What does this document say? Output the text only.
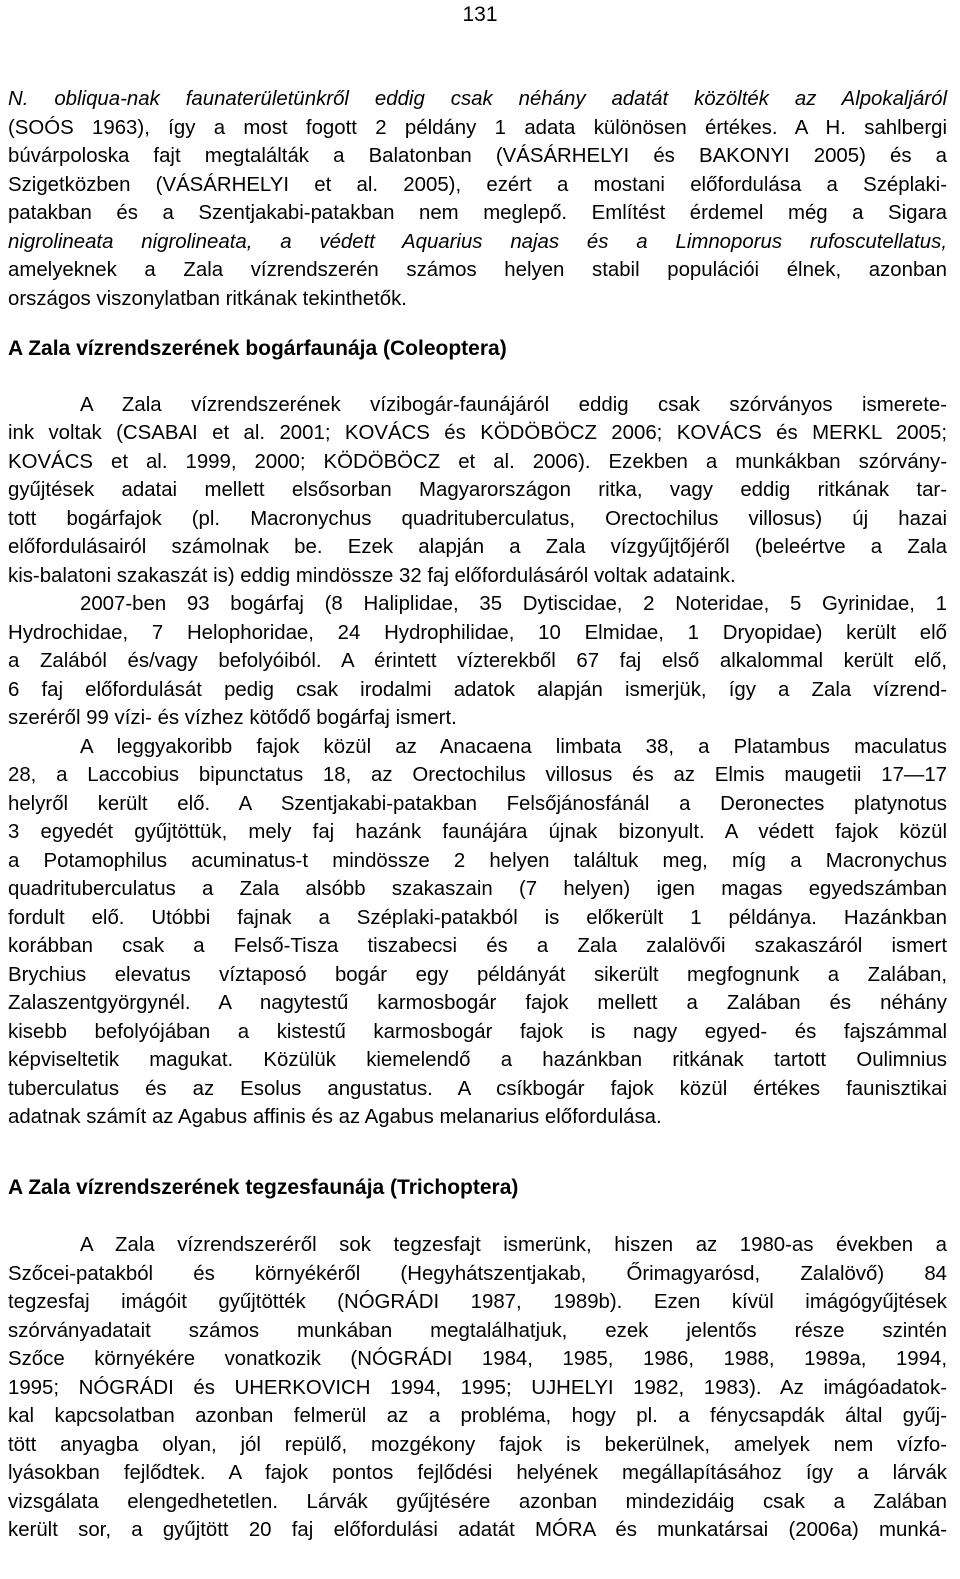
131

N. obliqua-nak faunaterületünkről eddig csak néhány adatát közölték az Alpokaljáról

(SOÓS 1963), így a most fogott 2 példány 1 adata különösen értékes. A H. sahlbergi

búvárpoloska fajt megtalálták a Balatonban (VÁSÁRHELYI és BAKONYI 2005) és a

Szigetközben (VÁSÁRHELYI et al. 2005), ezért a mostani előfordulása a Széplaki-

patakban és a Szentjakabi-patakban nem meglepő. Említést érdemel még a Sigara

nigrolineata nigrolineata, a védett Aquarius najas és a Limnoporus rufoscutellatus,

amelyeknek a Zala vízrendszerén számos helyen stabil populációi élnek, azonban

országos viszonylatban ritkának tekinthetők.

A Zala vízrendszerének bogárfaunája (Coleoptera)

A Zala vízrendszerének vízibogár-faunájáról eddig csak szórványos ismerete-

ink voltak (CSABAI et al. 2001; KOVÁCS és KÖDÖBÖCZ 2006; KOVÁCS és MERKL 2005;

KOVÁCS et al. 1999, 2000; KÖDÖBÖCZ et al. 2006). Ezekben a munkákban szórvány-

gyűjtések adatai mellett elsősorban Magyarországon ritka, vagy eddig ritkának tar-

tott bogárfajok (pl. Macronychus quadrituberculatus, Orectochilus villosus) új hazai

előfordulásairól számolnak be. Ezek alapján a Zala vízgyűjtőjéről (beleértve a Zala

kis-balatoni szakaszát is) eddig mindössze 32 faj előfordulásáról voltak adataink.

2007-ben 93 bogárfaj (8 Haliplidae, 35 Dytiscidae, 2 Noteridae, 5 Gyrinidae, 1

Hydrochidae, 7 Helophoridae, 24 Hydrophilidae, 10 Elmidae, 1 Dryopidae) került elő

a Zalából és/vagy befolyóiból. A érintett vízterekből 67 faj első alkalommal került elő,

6 faj előfordulását pedig csak irodalmi adatok alapján ismerjük, így a Zala vízrend-

szeréről 99 vízi- és vízhez kötődő bogárfaj ismert.

A leggyakoribb fajok közül az Anacaena limbata 38, a Platambus maculatus

28, a Laccobius bipunctatus 18, az Orectochilus villosus és az Elmis maugetii 17—17

helyről került elő. A Szentjakabi-patakban Felsőjánosfánál a Deronectes platynotus

3 egyedét gyűjtöttük, mely faj hazánk faunájára újnak bizonyult. A védett fajok közül

a Potamophilus acuminatus-t mindössze 2 helyen találtuk meg, míg a Macronychus

quadrituberculatus a Zala alsóbb szakaszain (7 helyen) igen magas egyedszámban

fordult elő. Utóbbi fajnak a Széplaki-patakból is előkerült 1 példánya. Hazánkban

korábban csak a Felső-Tisza tiszabecsi és a Zala zalalövői szakaszáról ismert

Brychius elevatus víztaposó bogár egy példányát sikerült megfognunk a Zalában,

Zalaszentgyörgynél. A nagytestű karmosbogár fajok mellett a Zalában és néhány

kisebb befolyójában a kistestű karmosbogár fajok is nagy egyed- és fajszámmal

képviseltetik magukat. Közülük kiemelendő a hazánkban ritkának tartott Oulimnius

tuberculatus és az Esolus angustatus. A csíkbogár fajok közül értékes faunisztikai

adatnak számít az Agabus affinis és az Agabus melanarius előfordulása.

A Zala vízrendszerének tegzesfaunája (Trichoptera)

A Zala vízrendszeréről sok tegzesfajt ismerünk, hiszen az 1980-as években a

Szőcei-patakból és környékéről (Hegyhátszentjakab, Őrimagyarósd, Zalalövő) 84

tegzesfaj imágóit gyűjtötték (NÓGRÁDI 1987, 1989b). Ezen kívül imágógyűjtések

szórványadatait számos munkában megtalálhatjuk, ezek jelentős része szintén

Szőce környékére vonatkozik (NÓGRÁDI 1984, 1985, 1986, 1988, 1989a, 1994,

1995; NÓGRÁDI és UHERKOVICH 1994, 1995; UJHELYI 1982, 1983). Az imágóadatok-

kal kapcsolatban azonban felmerül az a probléma, hogy pl. a fénycsapdák által gyűj-

tött anyagba olyan, jól repülő, mozgékony fajok is bekerülnek, amelyek nem vízfo-

lyásokban fejlődtek. A fajok pontos fejlődési helyének megállapításához így a lárvák

vizsgálata elengedhetetlen. Lárvák gyűjtésére azonban mindezidáig csak a Zalában

került sor, a gyűjtött 20 faj előfordulási adatát MÓRA és munkatársai (2006a) munká-
